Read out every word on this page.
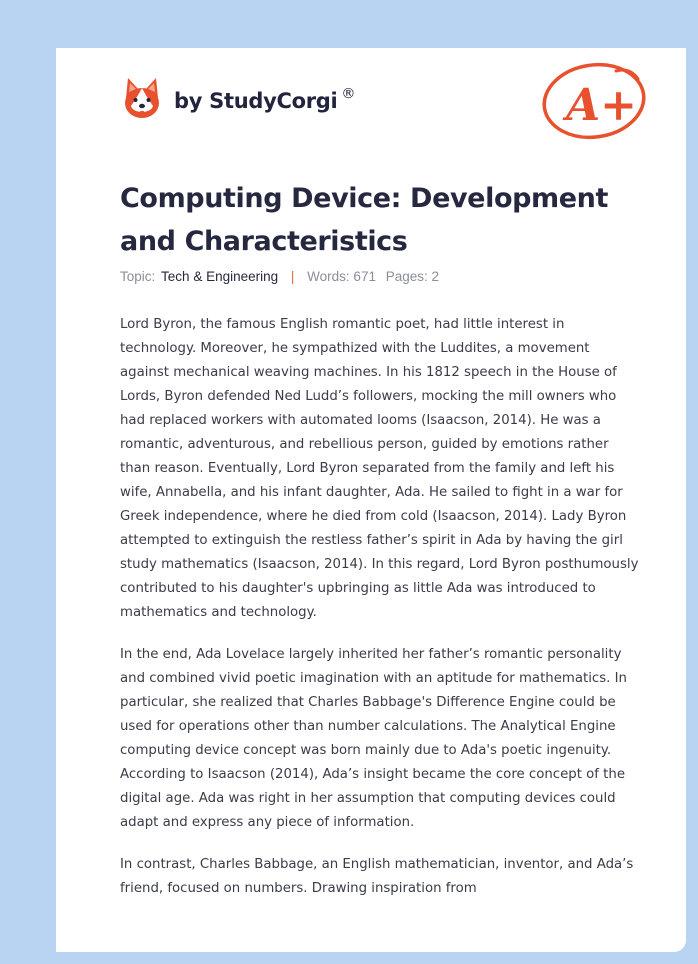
by StudyCorgi ®	A+
Computing Device: Development and Characteristics
Topic: Tech & Engineering | Words: 671 Pages: 2

Lord Byron, the famous English romantic poet, had little interest in technology. Moreover, he sympathized with the Luddites, a movement against mechanical weaving machines. In his 1812 speech in the House of Lords, Byron defended Ned Ludd’s followers, mocking the mill owners who had replaced workers with automated looms (Isaacson, 2014). He was a romantic, adventurous, and rebellious person, guided by emotions rather than reason. Eventually, Lord Byron separated from the family and left his wife, Annabella, and his infant daughter, Ada. He sailed to fight in a war for Greek independence, where he died from cold (Isaacson, 2014). Lady Byron attempted to extinguish the restless father’s spirit in Ada by having the girl study mathematics (Isaacson, 2014). In this regard, Lord Byron posthumously contributed to his daughter's upbringing as little Ada was introduced to mathematics and technology.

In the end, Ada Lovelace largely inherited her father’s romantic personality and combined vivid poetic imagination with an aptitude for mathematics. In particular, she realized that Charles Babbage's Difference Engine could be used for operations other than number calculations. The Analytical Engine computing device concept was born mainly due to Ada's poetic ingenuity. According to Isaacson (2014), Ada’s insight became the core concept of the digital age. Ada was right in her assumption that computing devices could adapt and express any piece of information.

In contrast, Charles Babbage, an English mathematician, inventor, and Ada’s friend, focused on numbers. Drawing inspiration from
